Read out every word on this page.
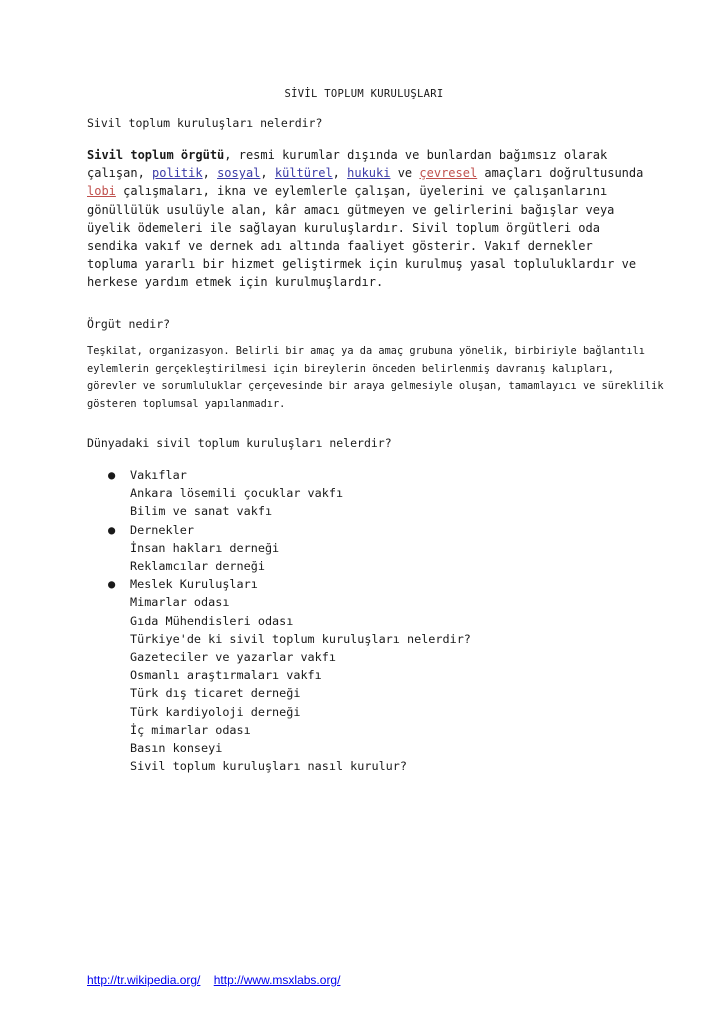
SİVİL TOPLUM KURULUŞLARI
Sivil toplum kuruluşları nelerdir?
Sivil toplum örgütü, resmi kurumlar dışında ve bunlardan bağımsız olarak çalışan, politik, sosyal, kültürel, hukuki ve çevresel amaçları doğrultusunda lobi çalışmaları, ikna ve eylemlerle çalışan, üyelerini ve çalışanlarını gönüllülük usulüyle alan, kâr amacı gütmeyen ve gelirlerini bağışlar veya üyelik ödemeleri ile sağlayan kuruluşlardır. Sivil toplum örgütleri oda sendika vakıf ve dernek adı altında faaliyet gösterir. Vakıf dernekler topluma yararlı bir hizmet geliştirmek için kurulmuş yasal topluluklardır ve herkese yardım etmek için kurulmuşlardır.
Örgüt nedir?
Teşkilat, organizasyon. Belirli bir amaç ya da amaç grubuna yönelik, birbiriyle bağlantılı eylemlerin gerçekleştirilmesi için bireylerin önceden belirlenmiş davranış kalıpları, görevler ve sorumluluklar çerçevesinde bir araya gelmesiyle oluşan, tamamlayıcı ve süreklilik gösteren toplumsal yapılanmadır.
Dünyadaki sivil toplum kuruluşları nelerdir?
● Vakıflar
Ankara lösemili çocuklar vakfı
Bilim ve sanat vakfı
● Dernekler
İnsan hakları derneği
Reklamcılar derneği
● Meslek Kuruluşları
Mimarlar odası
Gıda Mühendisleri odası
Türkiye'de ki sivil toplum kuruluşları nelerdir?
Gazeteciler ve yazarlar vakfı
Osmanlı araştırmaları vakfı
Türk dış ticaret derneği
Türk kardiyoloji derneği
İç mimarlar odası
Basın konseyi
Sivil toplum kuruluşları nasıl kurulur?
http://tr.wikipedia.org/ http://www.msxlabs.org/
